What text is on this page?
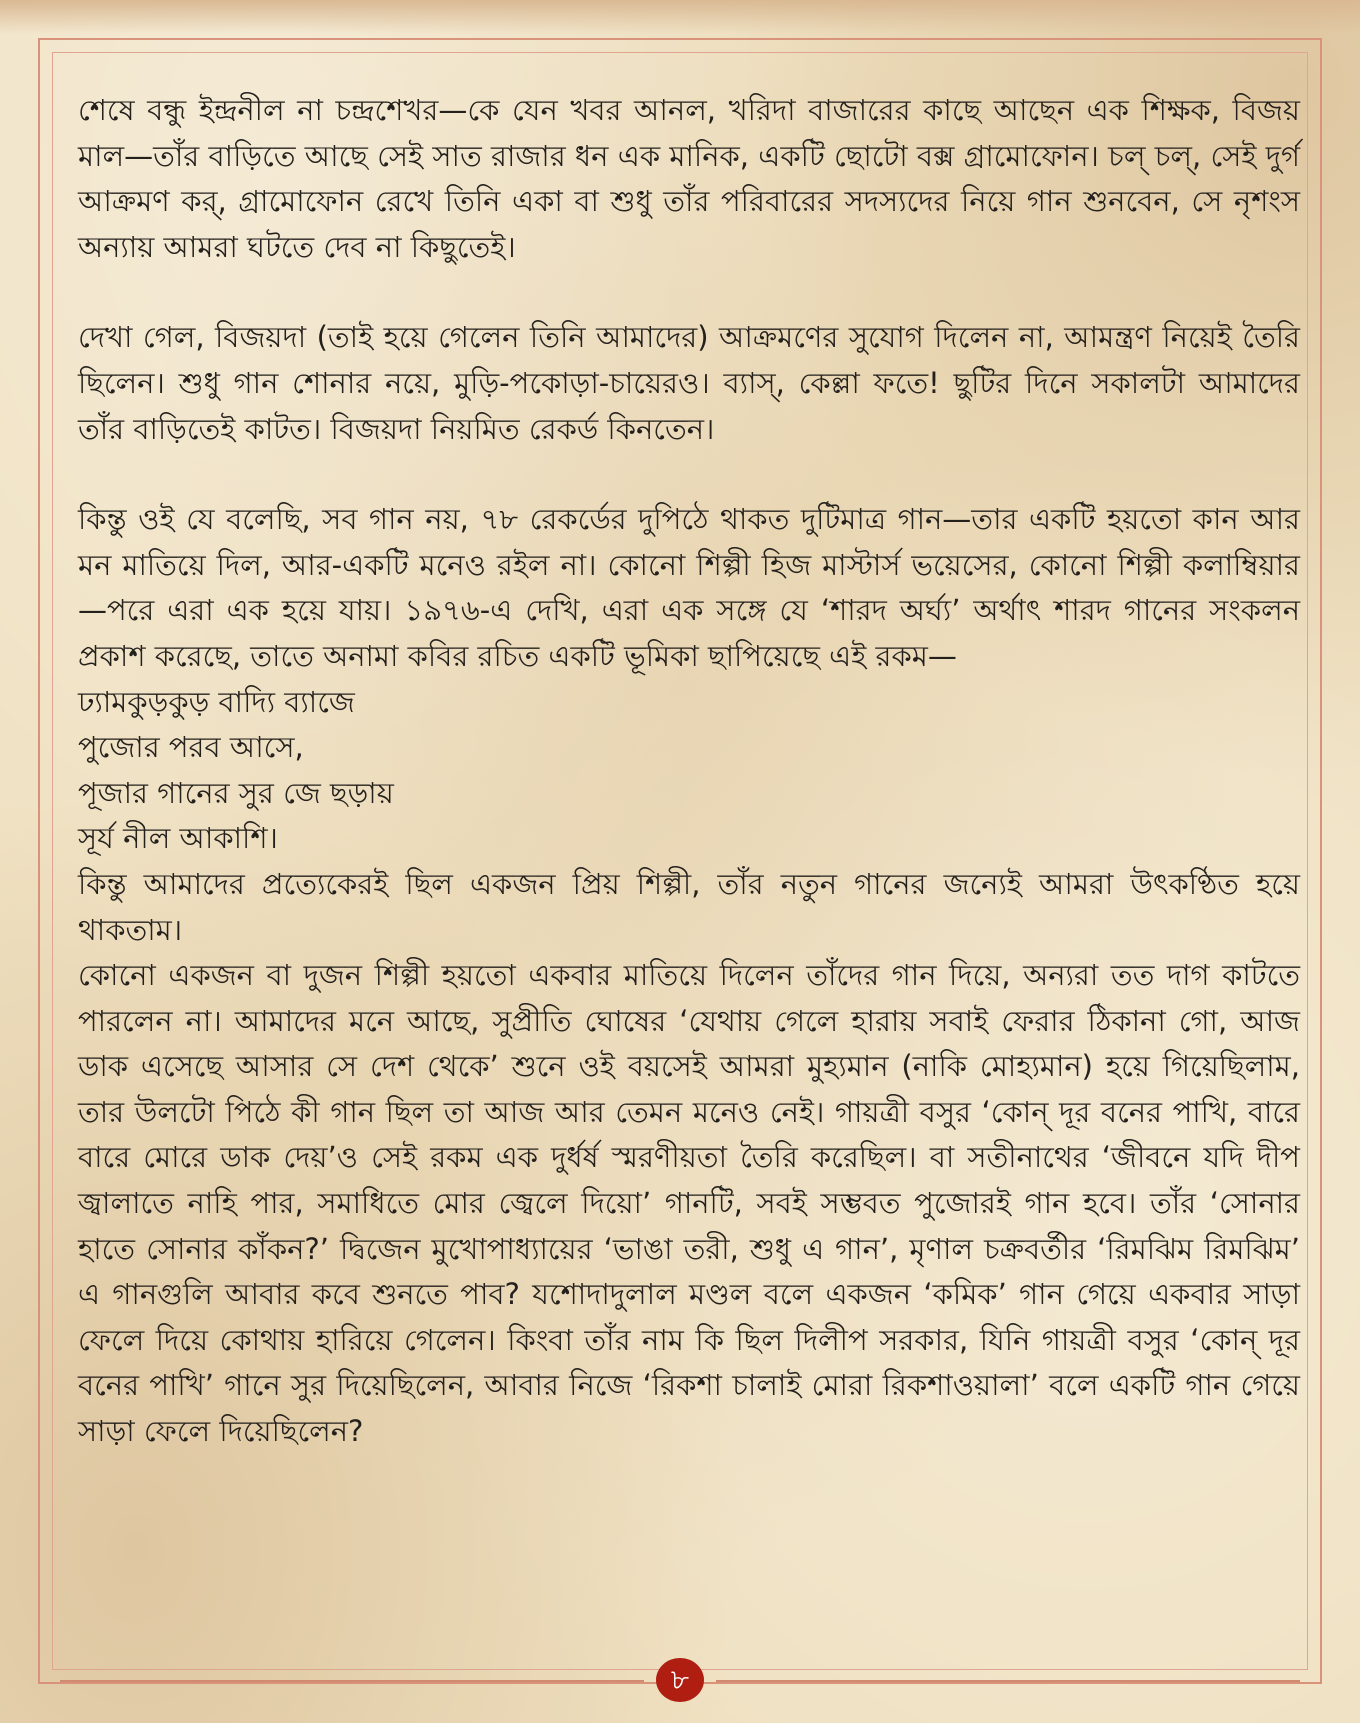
শেষে বন্ধু ইন্দ্রনীল না চন্দ্রশেখর—কে যেন খবর আনল, খরিদা বাজারের কাছে আছেন এক শিক্ষক, বিজয় মাল—তাঁর বাড়িতে আছে সেই সাত রাজার ধন এক মানিক, একটি ছোটো বক্স গ্রামোফোন। চল্ চল্, সেই দুর্গ আক্রমণ কর্, গ্রামোফোন রেখে তিনি একা বা শুধু তাঁর পরিবারের সদস্যদের নিয়ে গান শুনবেন, সে নৃশংস অন্যায় আমরা ঘটতে দেব না কিছুতেই।

দেখা গেল, বিজয়দা (তাই হয়ে গেলেন তিনি আমাদের) আক্রমণের সুযোগ দিলেন না, আমন্ত্রণ নিয়েই তৈরি ছিলেন। শুধু গান শোনার নয়ে, মুড়ি-পকোড়া-চায়েরও। ব্যাস্, কেল্লা ফতে! ছুটির দিনে সকালটা আমাদের তাঁর বাড়িতেই কাটত। বিজয়দা নিয়মিত রেকর্ড কিনতেন।

কিন্তু ওই যে বলেছি, সব গান নয়, ৭৮ রেকর্ডের দুপিঠে থাকত দুটিমাত্র গান—তার একটি হয়তো কান আর মন মাতিয়ে দিল, আর-একটি মনেও রইল না। কোনো শিল্পী হিজ মাস্টার্স ভয়েসের, কোনো শিল্পী কলাম্বিয়ার—পরে এরা এক হয়ে যায়। ১৯৭৬-এ দেখি, এরা এক সঙ্গে যে ‘শারদ অর্ঘ্য’ অর্থাৎ শারদ গানের সংকলন প্রকাশ করেছে, তাতে অনামা কবির রচিত একটি ভূমিকা ছাপিয়েছে এই রকম—

ঢ্যামকুড়কুড় বাদ্যি ব্যাজে

পুজোর পরব আসে,

পূজার গানের সুর জে ছড়ায়

সূর্য নীল আকাশি।

কিন্তু আমাদের প্রত্যেকেরই ছিল একজন প্রিয় শিল্পী, তাঁর নতুন গানের জন্যেই আমরা উৎকণ্ঠিত হয়ে থাকতাম।

কোনো একজন বা দুজন শিল্পী হয়তো একবার মাতিয়ে দিলেন তাঁদের গান দিয়ে, অন্যরা তত দাগ কাটতে পারলেন না। আমাদের মনে আছে, সুপ্রীতি ঘোষের ‘যেথায় গেলে হারায় সবাই ফেরার ঠিকানা গো, আজ ডাক এসেছে আসার সে দেশ থেকে’ শুনে ওই বয়সেই আমরা মুহ্যমান (নাকি মোহ্যমান) হয়ে গিয়েছিলাম, তার উলটো পিঠে কী গান ছিল তা আজ আর তেমন মনেও নেই। গায়ত্রী বসুর ‘কোন্ দূর বনের পাখি, বারে বারে মোরে ডাক দেয়’ও সেই রকম এক দুর্ধর্ষ স্মরণীয়তা তৈরি করেছিল। বা সতীনাথের ‘জীবনে যদি দীপ জ্বালাতে নাহি পার, সমাধিতে মোর জ্বেলে দিয়ো’ গানটি, সবই সম্ভবত পুজোরই গান হবে। তাঁর ‘সোনার হাতে সোনার কাঁকন?’ দ্বিজেন মুখোপাধ্যায়ের ‘ভাঙা তরী, শুধু এ গান’, মৃণাল চক্রবর্তীর ‘রিমঝিম রিমঝিম’ এ গানগুলি আবার কবে শুনতে পাব? যশোদাদুলাল মণ্ডল বলে একজন ‘কমিক’ গান গেয়ে একবার সাড়া ফেলে দিয়ে কোথায় হারিয়ে গেলেন। কিংবা তাঁর নাম কি ছিল দিলীপ সরকার, যিনি গায়ত্রী বসুর ‘কোন্ দূর বনের পাখি’ গানে সুর দিয়েছিলেন, আবার নিজে ‘রিকশা চালাই মোরা রিকশাওয়ালা’ বলে একটি গান গেয়ে সাড়া ফেলে দিয়েছিলেন?

৮
